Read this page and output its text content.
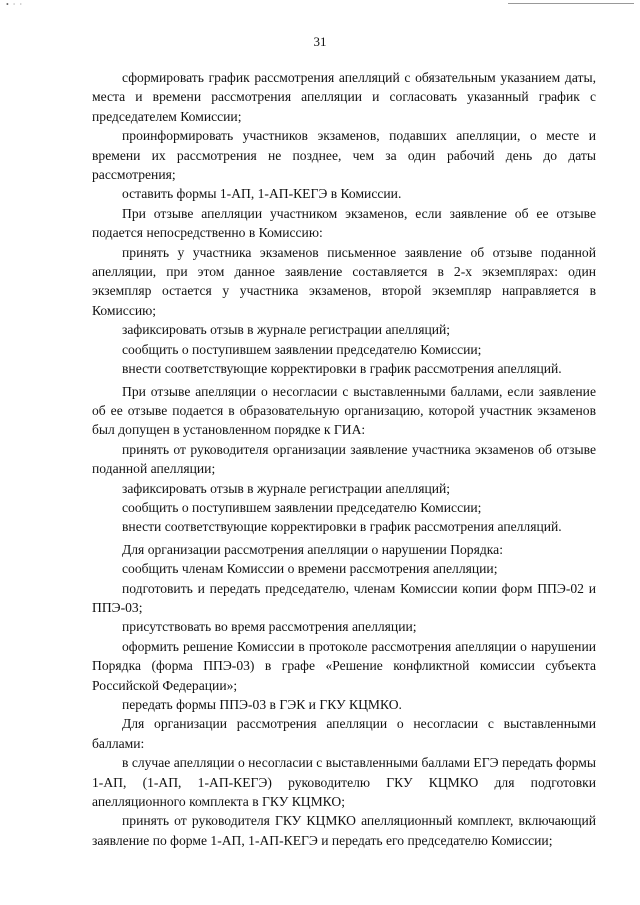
• · ·
31

сформировать график рассмотрения апелляций с обязательным указанием даты, места и времени рассмотрения апелляции и согласовать указанный график с председателем Комиссии;

проинформировать участников экзаменов, подавших апелляции, о месте и времени их рассмотрения не позднее, чем за один рабочий день до даты рассмотрения;

оставить формы 1-АП, 1-АП-КЕГЭ в Комиссии.

При отзыве апелляции участником экзаменов, если заявление об ее отзыве подается непосредственно в Комиссию:

принять у участника экзаменов письменное заявление об отзыве поданной апелляции, при этом данное заявление составляется в 2-х экземплярах: один экземпляр остается у участника экзаменов, второй экземпляр направляется в Комиссию;

зафиксировать отзыв в журнале регистрации апелляций;

сообщить о поступившем заявлении председателю Комиссии;

внести соответствующие корректировки в график рассмотрения апелляций.

При отзыве апелляции о несогласии с выставленными баллами, если заявление об ее отзыве подается в образовательную организацию, которой участник экзаменов был допущен в установленном порядке к ГИА:

принять от руководителя организации заявление участника экзаменов об отзыве поданной апелляции;

зафиксировать отзыв в журнале регистрации апелляций;

сообщить о поступившем заявлении председателю Комиссии;

внести соответствующие корректировки в график рассмотрения апелляций.

Для организации рассмотрения апелляции о нарушении Порядка:

сообщить членам Комиссии о времени рассмотрения апелляции;

подготовить и передать председателю, членам Комиссии копии форм ППЭ-02 и ППЭ-03;

присутствовать во время рассмотрения апелляции;

оформить решение Комиссии в протоколе рассмотрения апелляции о нарушении Порядка (форма ППЭ-03) в графе «Решение конфликтной комиссии субъекта Российской Федерации»;

передать формы ППЭ-03 в ГЭК и ГКУ КЦМКО.

Для организации рассмотрения апелляции о несогласии с выставленными баллами:

в случае апелляции о несогласии с выставленными баллами ЕГЭ передать формы 1-АП, (1-АП, 1-АП-КЕГЭ) руководителю ГКУ КЦМКО для подготовки апелляционного комплекта в ГКУ КЦМКО;

принять от руководителя ГКУ КЦМКО апелляционный комплект, включающий заявление по форме 1-АП, 1-АП-КЕГЭ и передать его председателю Комиссии;
